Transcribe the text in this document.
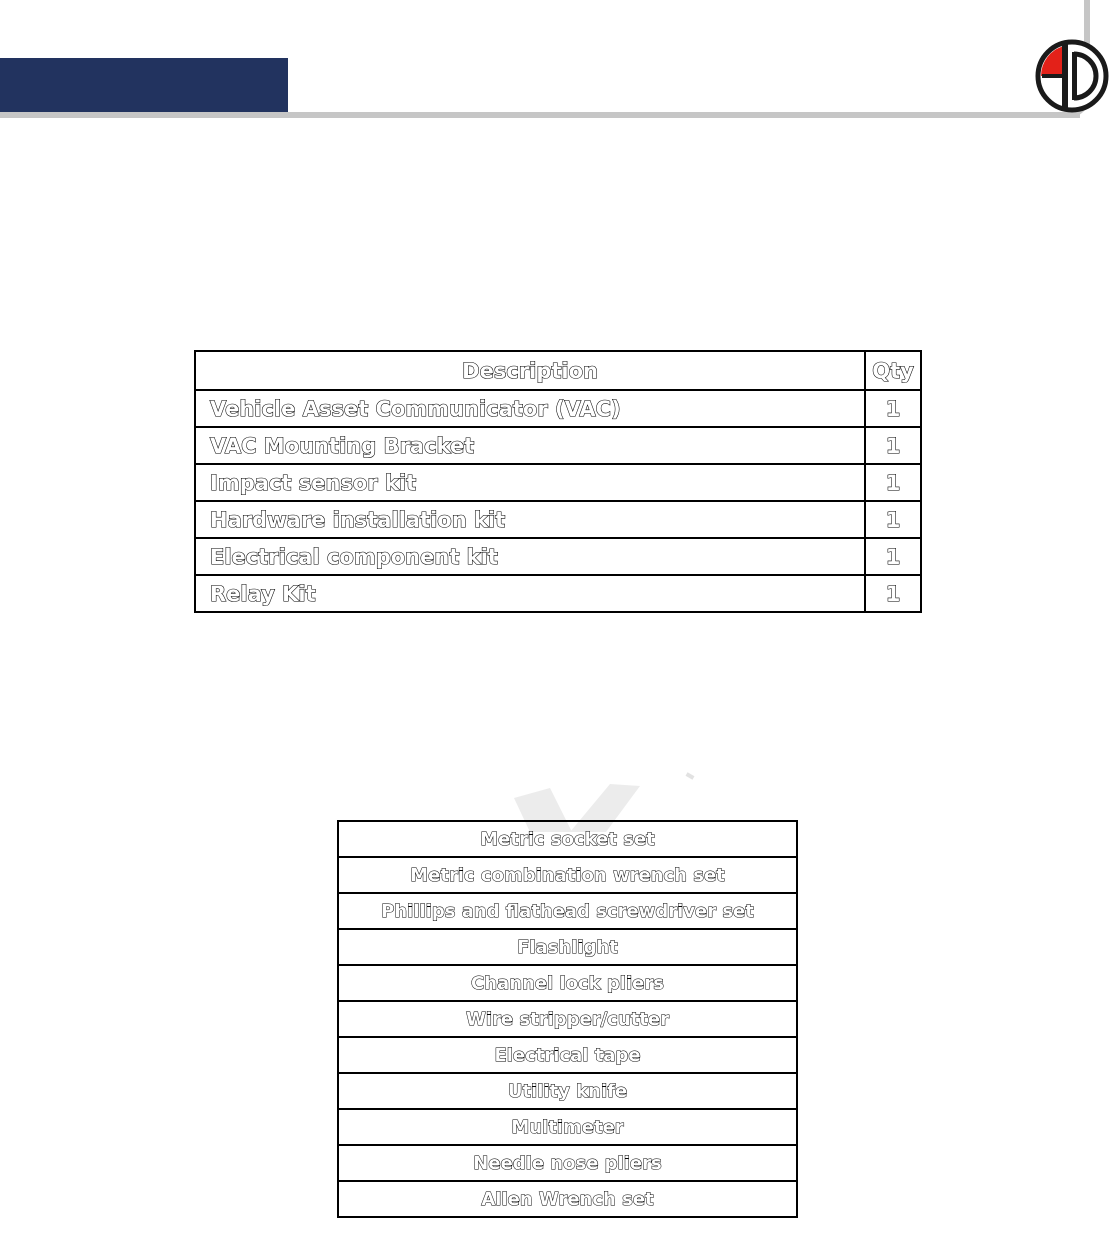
Description	Qty
Vehicle Asset Communicator (VAC)	1
VAC Mounting Bracket	1
Impact sensor kit	1
Hardware installation kit	1
Electrical component kit	1
Relay Kit	1
Metric socket set
Metric combination wrench set
Phillips and flathead screwdriver set
Flashlight
Channel lock pliers
Wire stripper/cutter
Electrical tape
Utility knife
Multimeter
Needle nose pliers
Allen Wrench set
